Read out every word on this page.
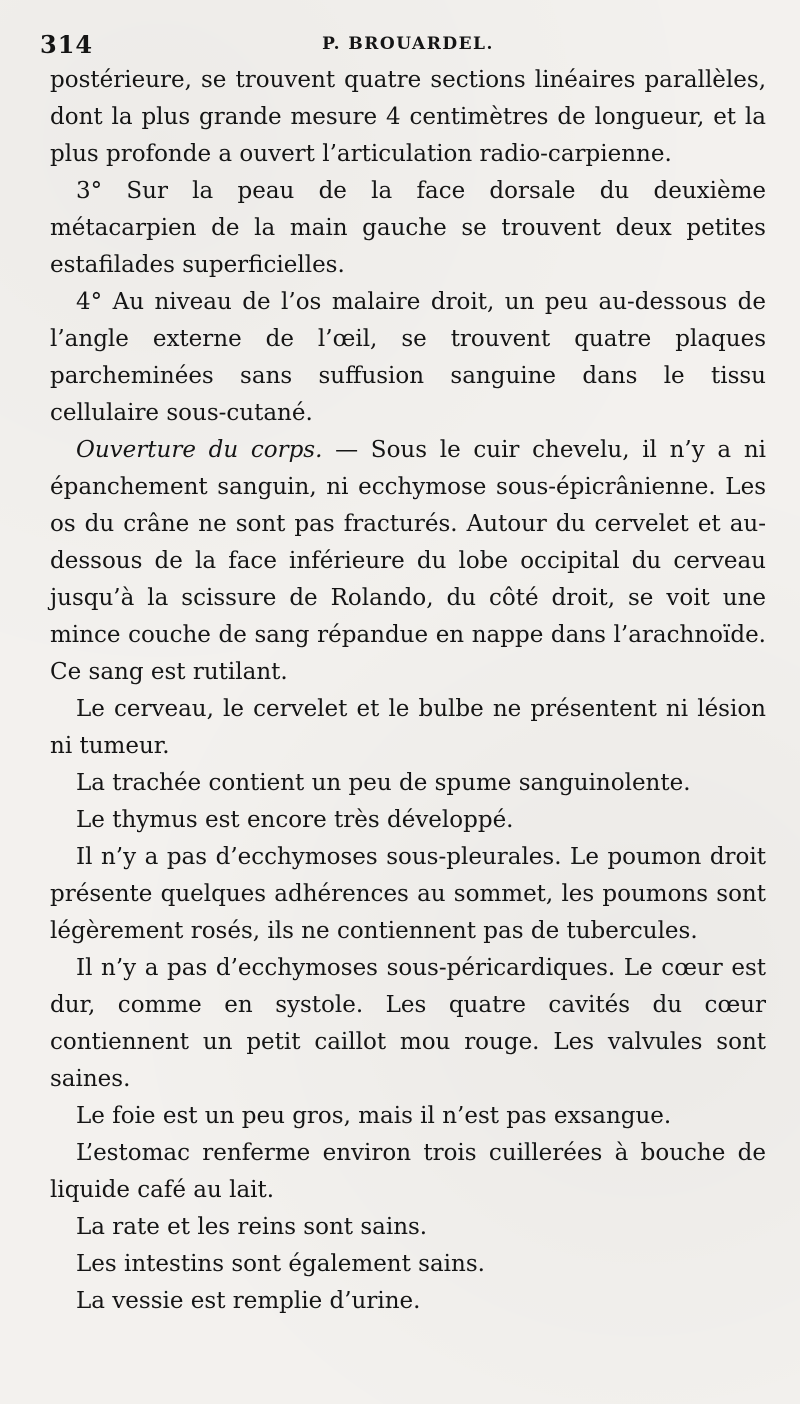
314	P. BROUARDEL.

postérieure, se trouvent quatre sections linéaires parallèles, dont la plus grande mesure 4 centimètres de longueur, et la plus profonde a ouvert l’articulation radio-carpienne.

3° Sur la peau de la face dorsale du deuxième métacarpien de la main gauche se trouvent deux petites estafilades superficielles.

4° Au niveau de l’os malaire droit, un peu au-dessous de l’angle externe de l’œil, se trouvent quatre plaques parcheminées sans suffusion sanguine dans le tissu cellulaire sous-cutané.

Ouverture du corps. — Sous le cuir chevelu, il n’y a ni épanchement sanguin, ni ecchymose sous-épicrânienne. Les os du crâne ne sont pas fracturés. Autour du cervelet et au-dessous de la face inférieure du lobe occipital du cerveau jusqu’à la scissure de Rolando, du côté droit, se voit une mince couche de sang répandue en nappe dans l’arachnoïde. Ce sang est rutilant.

Le cerveau, le cervelet et le bulbe ne présentent ni lésion ni tumeur.

La trachée contient un peu de spume sanguinolente.

Le thymus est encore très développé.

Il n’y a pas d’ecchymoses sous-pleurales. Le poumon droit présente quelques adhérences au sommet, les poumons sont légèrement rosés, ils ne contiennent pas de tubercules.

Il n’y a pas d’ecchymoses sous-péricardiques. Le cœur est dur, comme en systole. Les quatre cavités du cœur contiennent un petit caillot mou rouge. Les valvules sont saines.

Le foie est un peu gros, mais il n’est pas exsangue.

L’estomac renferme environ trois cuillerées à bouche de liquide café au lait.

La rate et les reins sont sains.

Les intestins sont également sains.

La vessie est remplie d’urine.
